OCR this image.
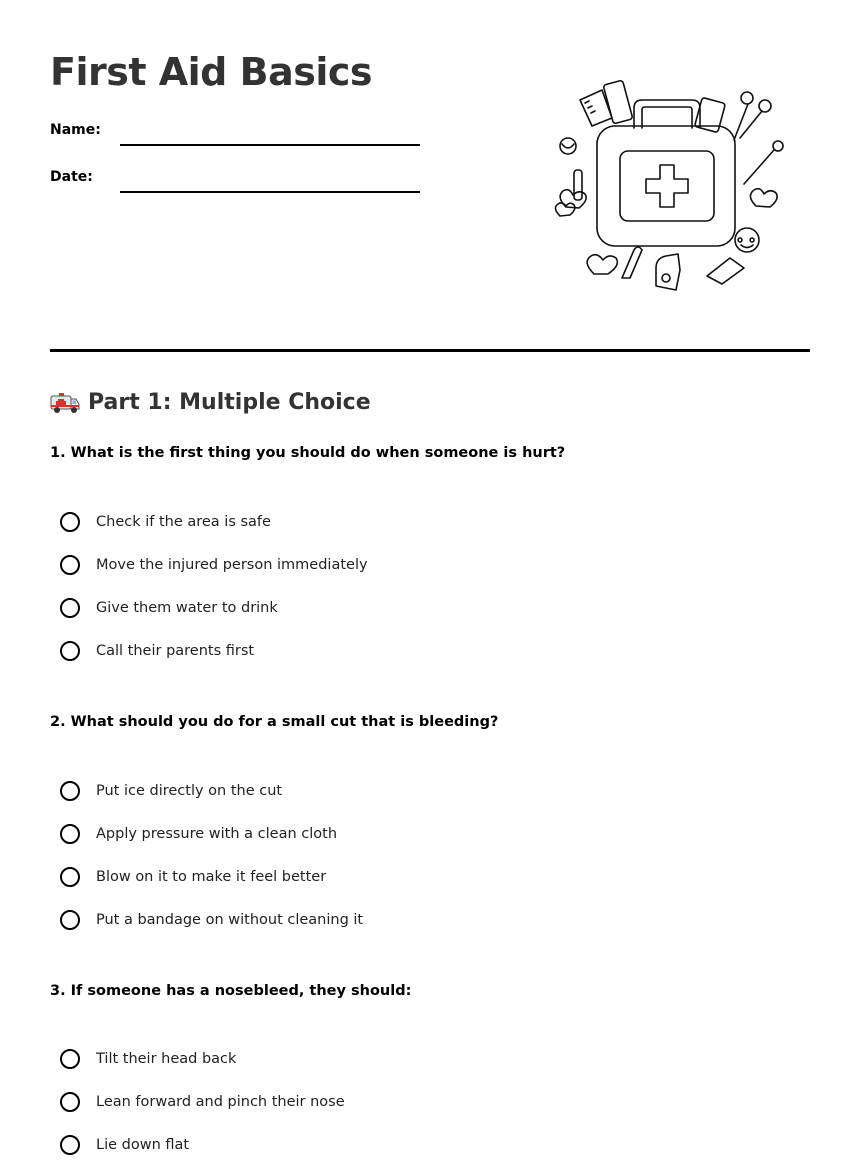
First Aid Basics
Name:
Date:
Part 1: Multiple Choice

1. What is the first thing you should do when someone is hurt?

Check if the area is safe
Move the injured person immediately
Give them water to drink
Call their parents first

2. What should you do for a small cut that is bleeding?

Put ice directly on the cut
Apply pressure with a clean cloth
Blow on it to make it feel better
Put a bandage on without cleaning it

3. If someone has a nosebleed, they should:

Tilt their head back
Lean forward and pinch their nose
Lie down flat
